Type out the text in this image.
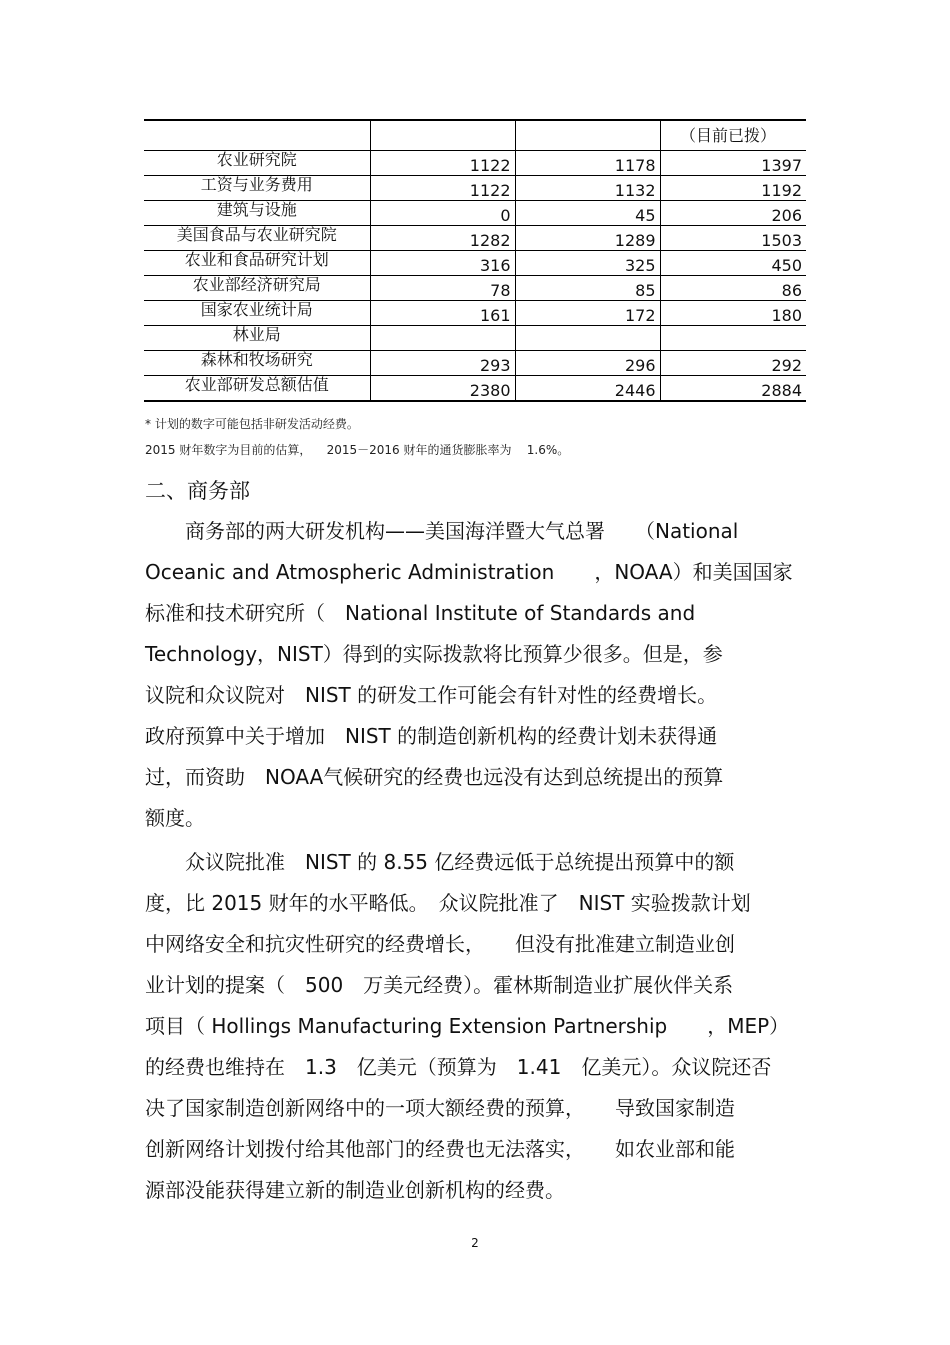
			（目前已拨）
农业研究院	1122	1178	1397
工资与业务费用	1122	1132	1192
建筑与设施	0	45	206
美国食品与农业研究院	1282	1289	1503
农业和食品研究计划	316	325	450
农业部经济研究局	78	85	86
国家农业统计局	161	172	180
林业局			
森林和牧场研究	293	296	292
农业部研发总额估值	2380	2446	2884
* 计划的数字可能包括非研发活动经费。
2015 财年数字为目前的估算，    2015－2016 财年的通货膨胀率为    1.6%。
二、商务部
　　商务部的两大研发机构——美国海洋暨大气总署　　（National
Oceanic and Atmospheric Administration　　，NOAA）和美国国家
标准和技术研究所（　National Institute of Standards and
Technology，NIST）得到的实际拨款将比预算少很多。但是，参
议院和众议院对　NIST 的研发工作可能会有针对性的经费增长。
政府预算中关于增加　NIST 的制造创新机构的经费计划未获得通
过，而资助　NOAA气候研究的经费也远没有达到总统提出的预算
额度。
　　众议院批准　NIST 的 8.55 亿经费远低于总统提出预算中的额
度，比 2015 财年的水平略低。　众议院批准了　NIST 实验拨款计划
中网络安全和抗灾性研究的经费增长，　　但没有批准建立制造业创
业计划的提案（　500　万美元经费）。霍林斯制造业扩展伙伴关系
项目（ Hollings Manufacturing Extension Partnership　　，MEP）
的经费也维持在　1.3　亿美元（预算为　1.41　亿美元）。众议院还否
决了国家制造创新网络中的一项大额经费的预算，　　导致国家制造
创新网络计划拨付给其他部门的经费也无法落实，　　如农业部和能
源部没能获得建立新的制造业创新机构的经费。
2
